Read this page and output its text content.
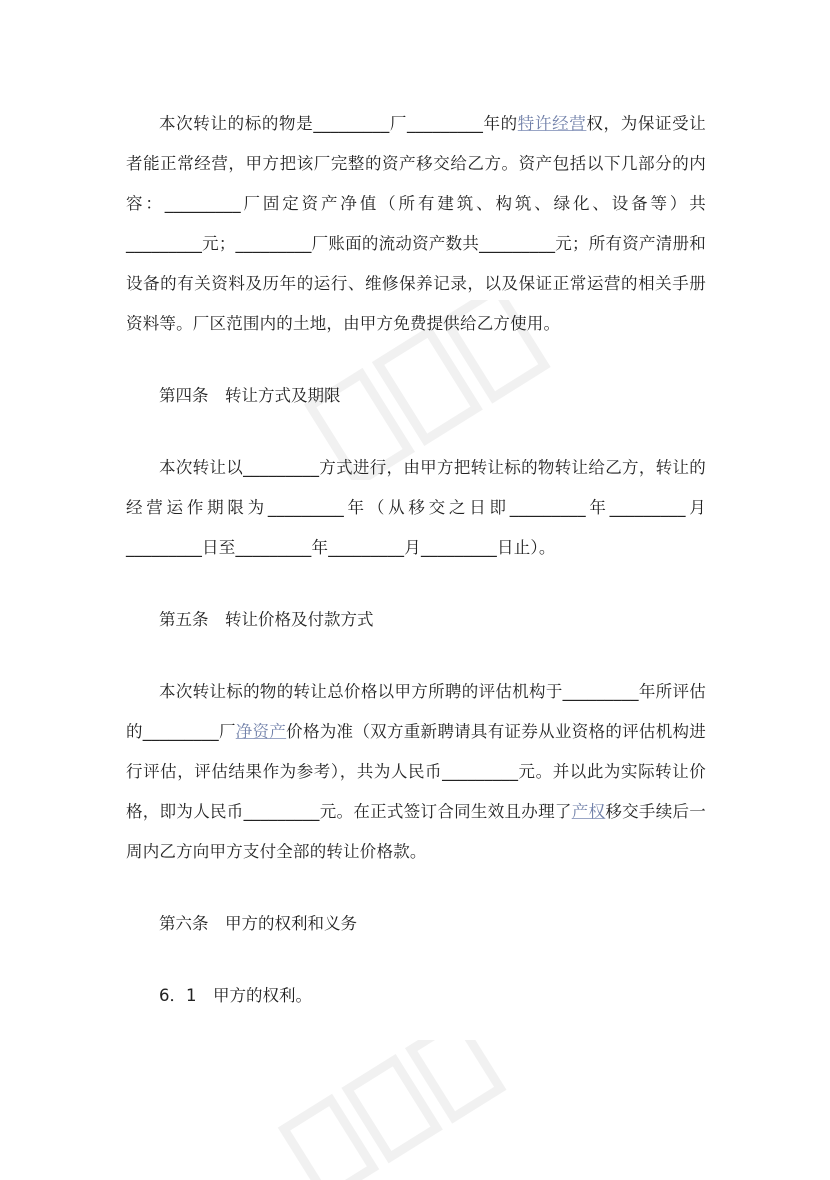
本次转让的标的物是_________厂_________年的特许经营权，为保证受让者能正常经营，甲方把该厂完整的资产移交给乙方。资产包括以下几部分的内容：_________厂固定资产净值（所有建筑、构筑、绿化、设备等）共_________元；_________厂账面的流动资产数共_________元；所有资产清册和设备的有关资料及历年的运行、维修保养记录，以及保证正常运营的相关手册资料等。厂区范围内的土地，由甲方免费提供给乙方使用。

第四条　转让方式及期限

本次转让以_________方式进行，由甲方把转让标的物转让给乙方，转让的经营运作期限为_________年（从移交之日即_________年_________月_________日至_________年_________月_________日止）。

第五条　转让价格及付款方式

本次转让标的物的转让总价格以甲方所聘的评估机构于_________年所评估的_________厂净资产价格为准（双方重新聘请具有证券从业资格的评估机构进行评估，评估结果作为参考），共为人民币_________元。并以此为实际转让价格，即为人民币_________元。在正式签订合同生效且办理了产权移交手续后一周内乙方向甲方支付全部的转让价格款。

第六条　甲方的权利和义务

6．1　甲方的权利。
